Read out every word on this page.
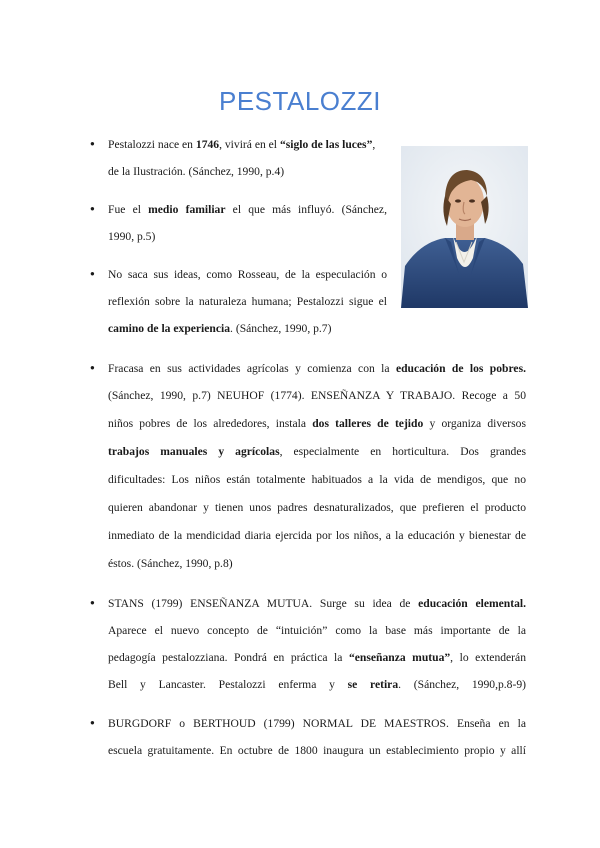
PESTALOZZI
● Pestalozzi nace en 1746, vivirá en el “siglo de las luces”,
de la Ilustración. (Sánchez, 1990, p.4)
● Fue el medio familiar el que más influyó. (Sánchez,
1990, p.5)
● No saca sus ideas, como Rosseau, de la especulación o
reflexión sobre la naturaleza humana; Pestalozzi sigue el
camino de la experiencia. (Sánchez, 1990, p.7)
● Fracasa en sus actividades agrícolas y comienza con la educación de los pobres.
(Sánchez, 1990, p.7) NEUHOF (1774). ENSEÑANZA Y TRABAJO. Recoge a 50
niños pobres de los alrededores, instala dos talleres de tejido y organiza diversos
trabajos manuales y agrícolas, especialmente en horticultura. Dos grandes
dificultades: Los niños están totalmente habituados a la vida de mendigos, que no
quieren abandonar y tienen unos padres desnaturalizados, que prefieren el producto
inmediato de la mendicidad diaria ejercida por los niños, a la educación y bienestar de
éstos. (Sánchez, 1990, p.8)
● STANS (1799) ENSEÑANZA MUTUA. Surge su idea de educación elemental.
Aparece el nuevo concepto de “intuición” como la base más importante de la
pedagogía pestalozziana. Pondrá en práctica la “enseñanza mutua”, lo extenderán
Bell y Lancaster. Pestalozzi enferma y se retira. (Sánchez, 1990,p.8-9)
● BURGDORF o BERTHOUD (1799) NORMAL DE MAESTROS. Enseña en la
escuela gratuitamente. En octubre de 1800 inaugura un establecimiento propio y allí
